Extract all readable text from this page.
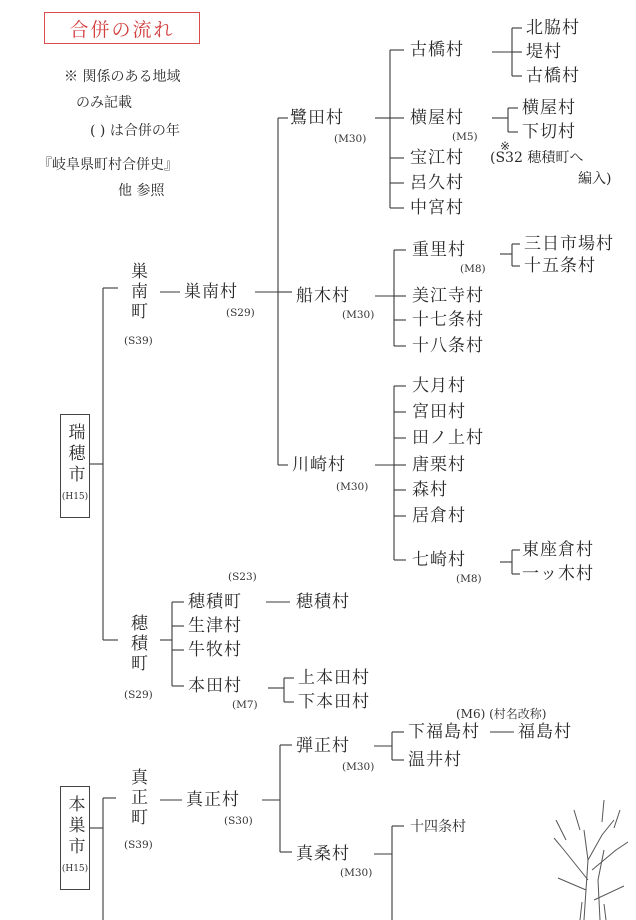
合併の流れ
※ 関係のある地域
のみ記載
( ) は合併の年
『岐阜県町村合併史』
他 参照
瑞穂市
(H15)
本巣市
(H15)
巣南町
(S39)
巣南村
(S29)
鷺田村
(M30)
古橋村
北脇村
堤村
古橋村
横屋村
(M5)
横屋村
下切村
※
宝江村 (S32 穂積町へ
編入)
呂久村
中宮村
船木村
(M30)
重里村
(M8)
三日市場村
十五条村
美江寺村
十七条村
十八条村
川崎村
(M30)
大月村
宮田村
田ノ上村
唐栗村
森村
居倉村
七崎村
(M8)
東座倉村
一ッ木村
穂積町
(S29)
(S23)
穂積町	穂積村
生津村
牛牧村
本田村
(M7)
上本田村
下本田村
真正町
(S39)
真正村
(S30)
弾正村
(M30)
(M6) (村名改称)
下福島村 福島村
温井村
真桑村
(M30)
十四条村
